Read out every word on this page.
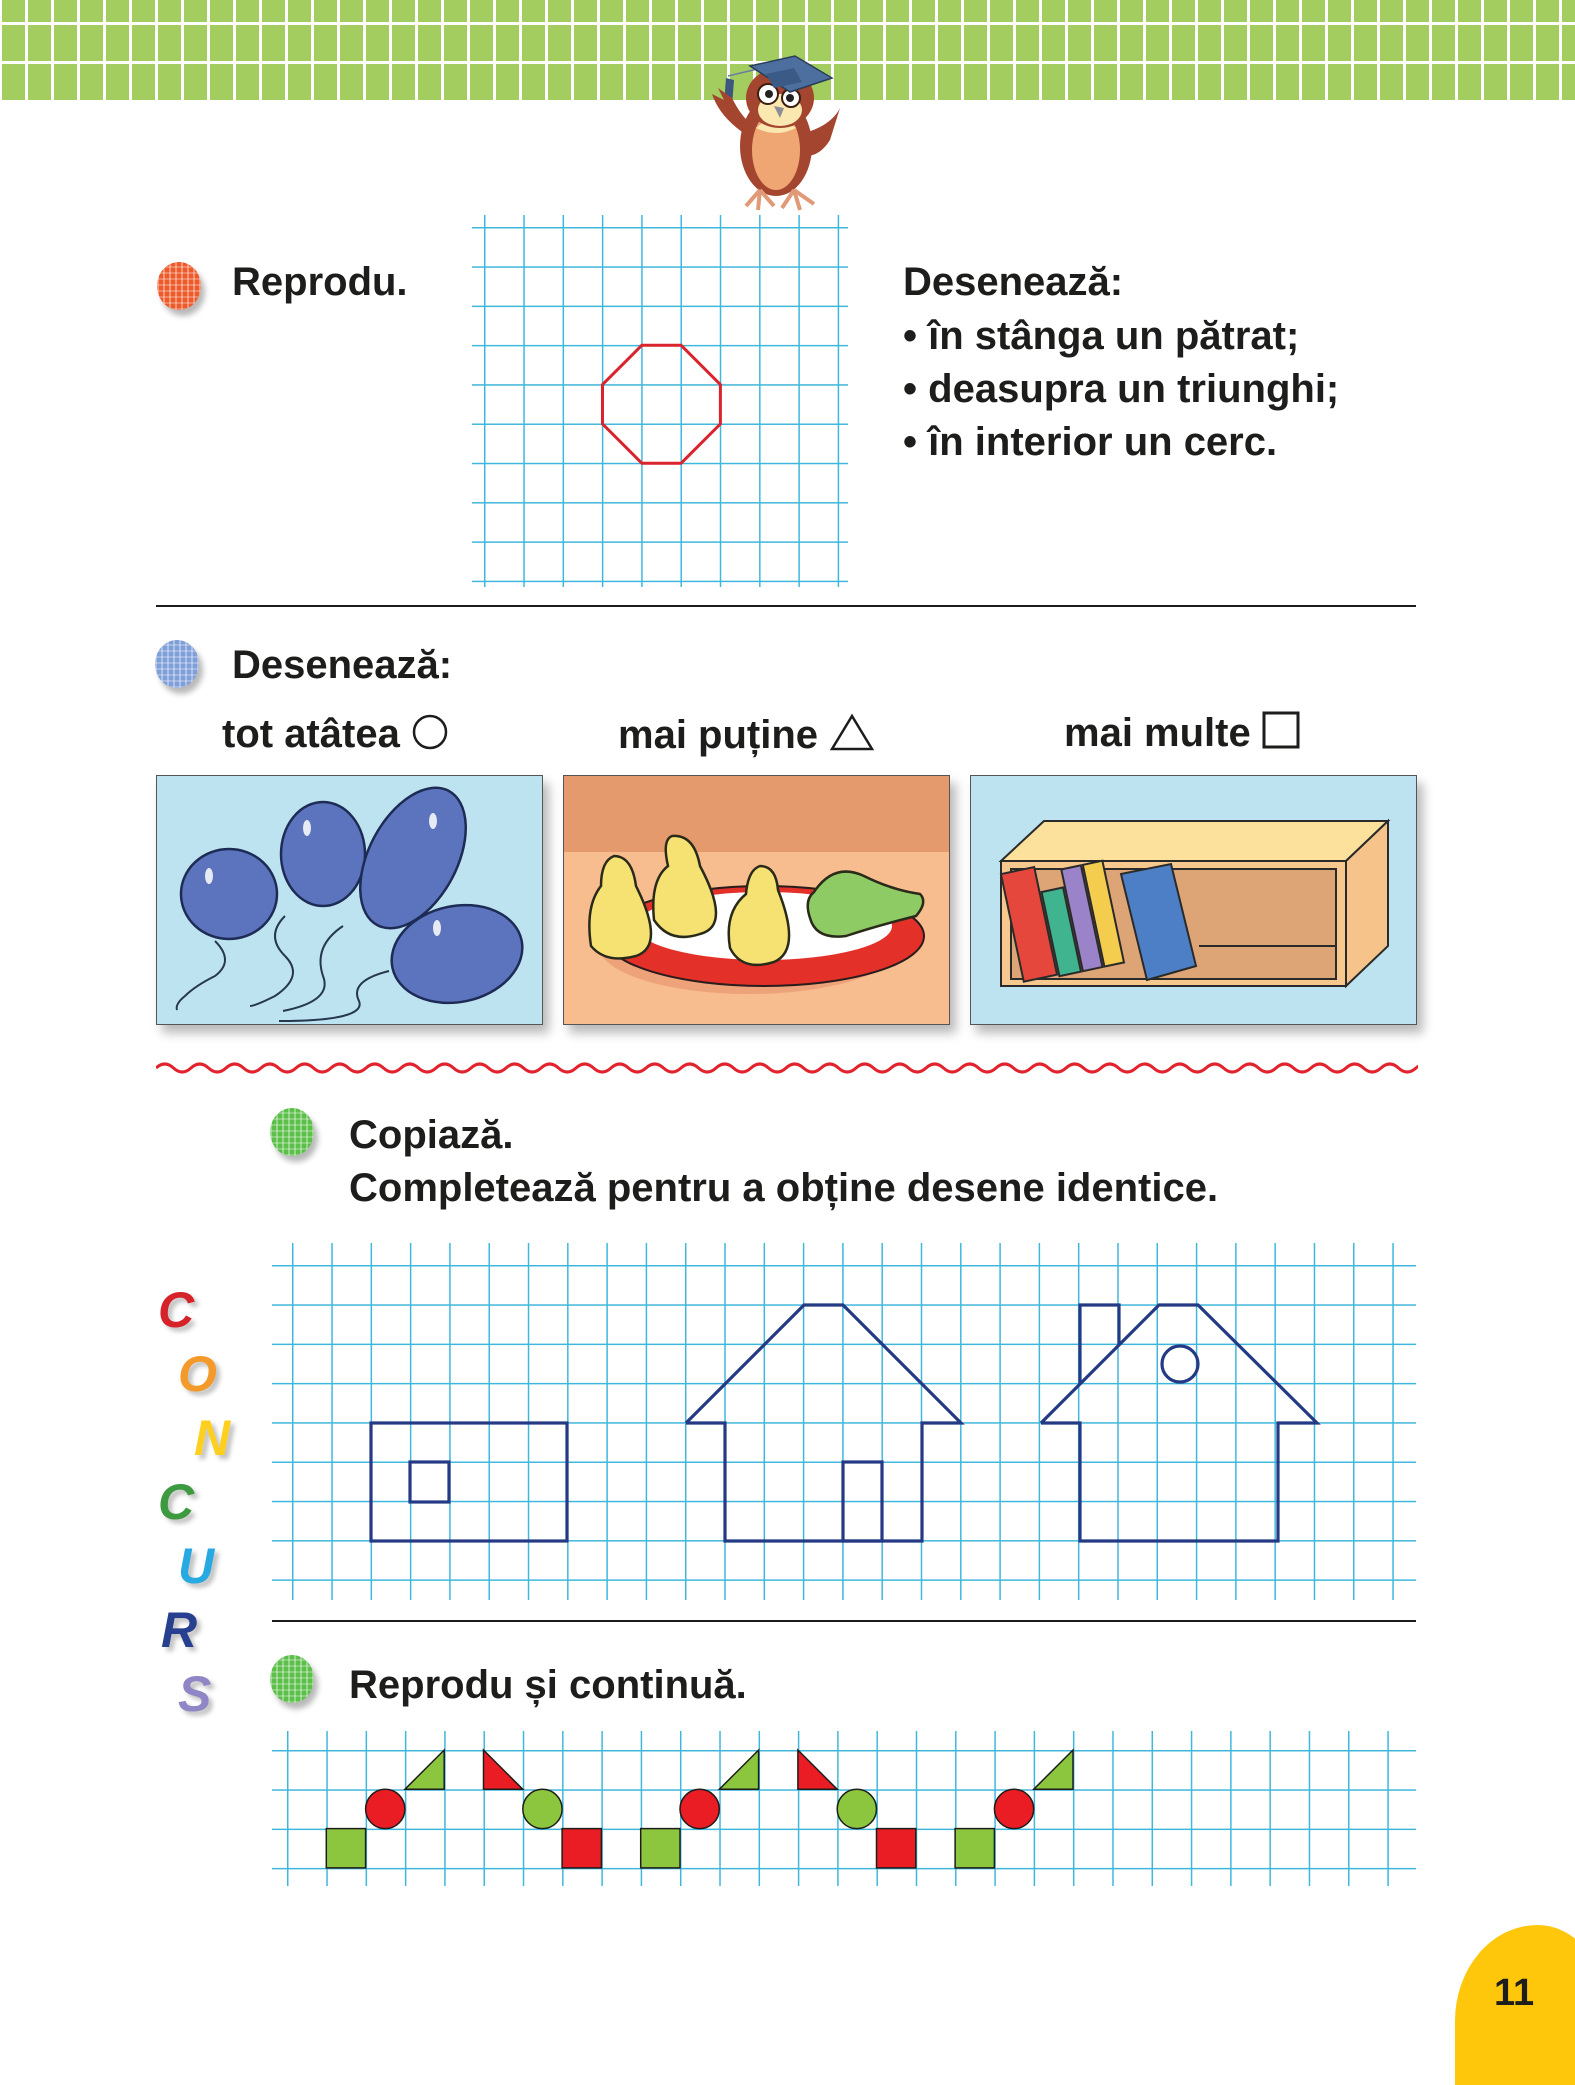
Reprodu.	Desenează:
• în stânga un pătrat;
• deasupra un triunghi;
• în interior un cerc.
Desenează:
tot atâtea	mai puține	mai multe
C
O
N
C
U
R
S
Copiază.
Completează pentru a obține desene identice.
Reprodu și continuă.
11
